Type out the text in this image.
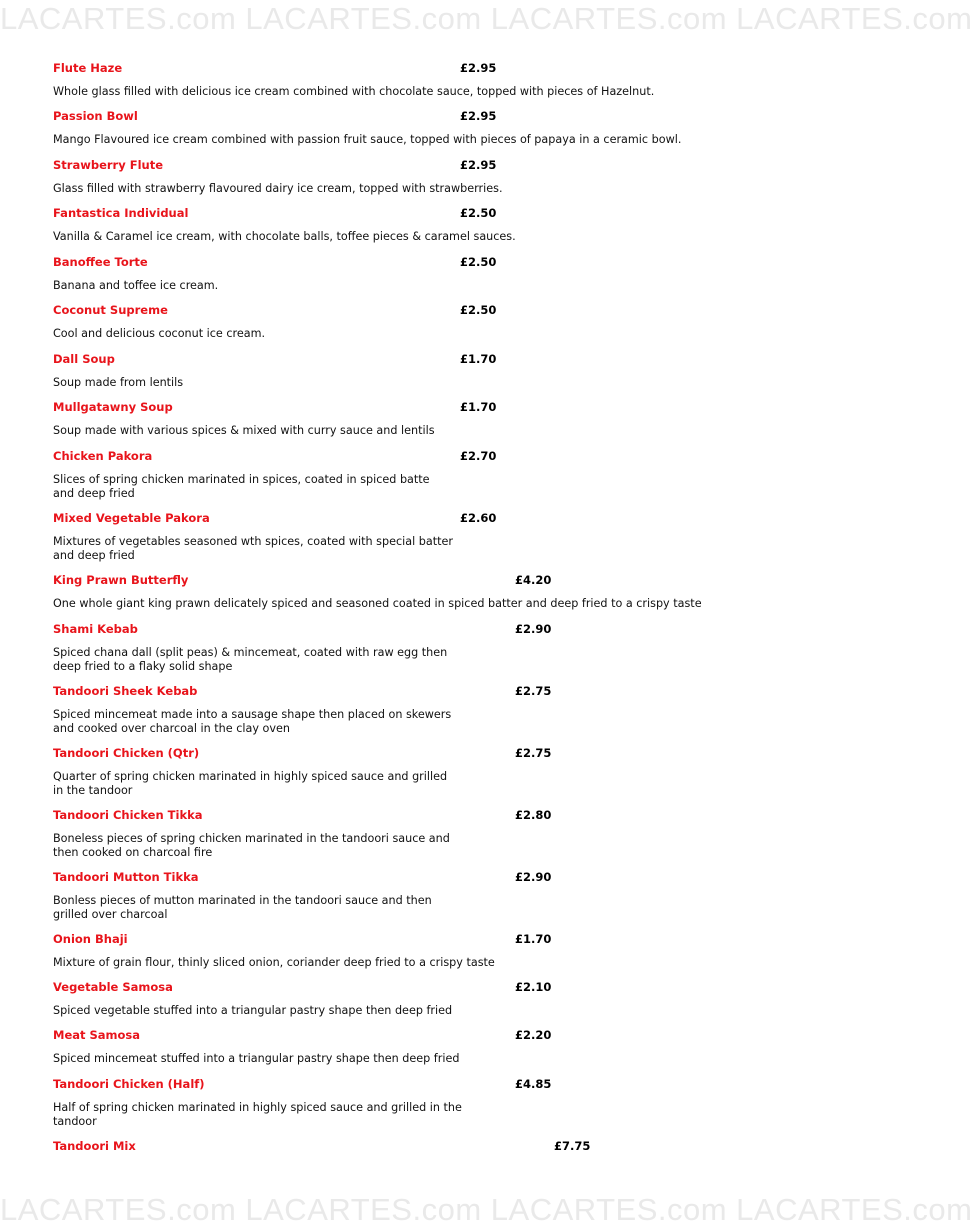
LACARTES.com LACARTES.com LACARTES.com LACARTES.com
Flute Haze	£2.95
Whole glass filled with delicious ice cream combined with chocolate sauce, topped with pieces of Hazelnut.
Passion Bowl	£2.95
Mango Flavoured ice cream combined with passion fruit sauce, topped with pieces of papaya in a ceramic bowl.
Strawberry Flute	£2.95
Glass filled with strawberry flavoured dairy ice cream, topped with strawberries.
Fantastica Individual	£2.50
Vanilla & Caramel ice cream, with chocolate balls, toffee pieces & caramel sauces.
Banoffee Torte	£2.50
Banana and toffee ice cream.
Coconut Supreme	£2.50
Cool and delicious coconut ice cream.
Dall Soup	£1.70
Soup made from lentils
Mullgatawny Soup	£1.70
Soup made with various spices & mixed with curry sauce and lentils
Chicken Pakora	£2.70
Slices of spring chicken marinated in spices, coated in spiced batte and deep fried
Mixed Vegetable Pakora	£2.60
Mixtures of vegetables seasoned wth spices, coated with special batter and deep fried
King Prawn Butterfly	£4.20
One whole giant king prawn delicately spiced and seasoned coated in spiced batter and deep fried to a crispy taste
Shami Kebab	£2.90
Spiced chana dall (split peas) & mincemeat, coated with raw egg then deep fried to a flaky solid shape
Tandoori Sheek Kebab	£2.75
Spiced mincemeat made into a sausage shape then placed on skewers and cooked over charcoal in the clay oven
Tandoori Chicken (Qtr)	£2.75
Quarter of spring chicken marinated in highly spiced sauce and grilled in the tandoor
Tandoori Chicken Tikka	£2.80
Boneless pieces of spring chicken marinated in the tandoori sauce and then cooked on charcoal fire
Tandoori Mutton Tikka	£2.90
Bonless pieces of mutton marinated in the tandoori sauce and then grilled over charcoal
Onion Bhaji	£1.70
Mixture of grain flour, thinly sliced onion, coriander deep fried to a crispy taste
Vegetable Samosa	£2.10
Spiced vegetable stuffed into a triangular pastry shape then deep fried
Meat Samosa	£2.20
Spiced mincemeat stuffed into a triangular pastry shape then deep fried
Tandoori Chicken (Half)	£4.85
Half of spring chicken marinated in highly spiced sauce and grilled in the tandoor
Tandoori Mix	£7.75
LACARTES.com LACARTES.com LACARTES.com LACARTES.com
